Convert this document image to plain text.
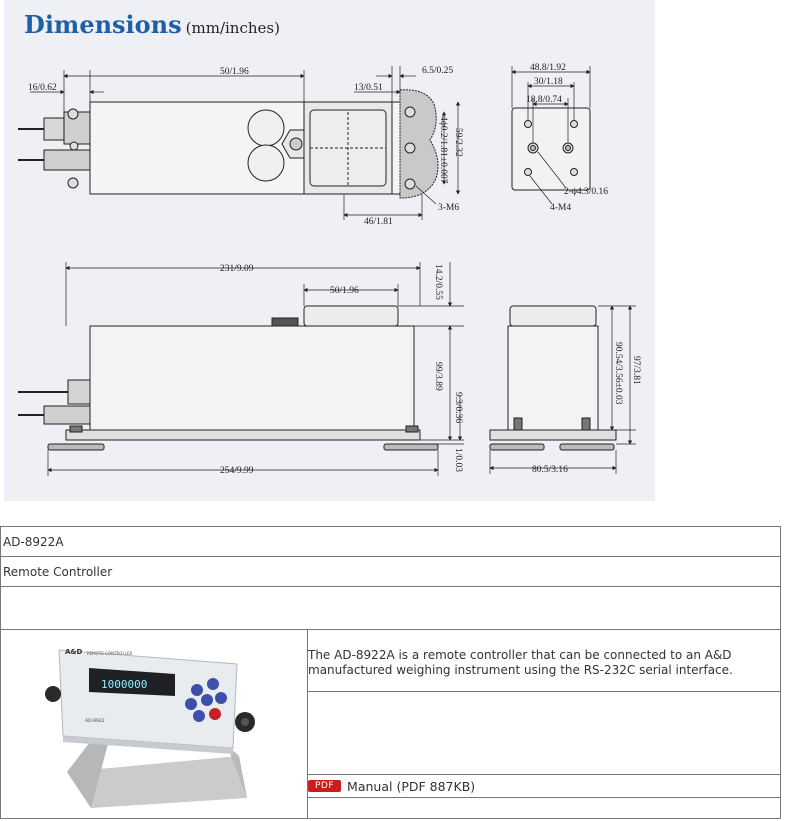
Dimensions (mm/inches)
16/0.62
50/1.96	6.5/0.25
13/0.51
46/1.81
3-M6
4ϕ0.2/1.81±0.007 59/2.32
48.8/1.92
30/1.18
18.8/0.74
2-ϕ4.3/0.16
4-M4
231/9.09
50/1.96	14.2/0.55
99/3.89
9.3/0.36
1/0.03
254/9.99
90.54/3.56±0.03 97/3.81
80.5/3.16
AD-8922A
Remote Controller

A&D REMOTE CONTROLLER
1000000
AD-8922

The AD-8922A is a remote controller that can be connected to an A&D manufactured weighing instrument using the RS-232C serial interface.
PDF	Manual (PDF 887KB)
